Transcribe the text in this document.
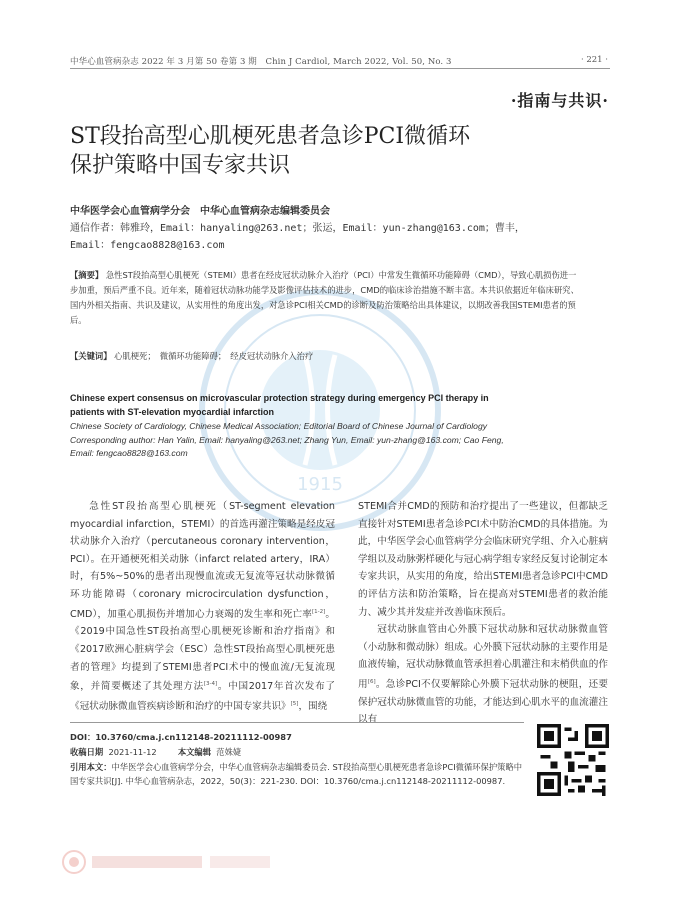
中华心血管病杂志 2022 年 3 月第 50 卷第 3 期　Chin J Cardiol, March 2022, Vol. 50, No. 3	· 221 ·
·指南与共识·
1915
ST段抬高型心肌梗死患者急诊PCI微循环
保护策略中国专家共识
中华医学会心血管病学分会　中华心血管病杂志编辑委员会
通信作者：韩雅玲，Email：hanyaling@263.net；张运，Email：yun-zhang@163.com；曹丰，
Email：fengcao8828@163.com
【摘要】 急性ST段抬高型心肌梗死（STEMI）患者在经皮冠状动脉介入治疗（PCI）中常发生微循环功能障碍（CMD），导致心肌损伤进一步加重，预后严重不良。近年来，随着冠状动脉功能学及影像评估技术的进步，CMD的临床诊治措施不断丰富。本共识依据近年临床研究、国内外相关指南、共识及建议，从实用性的角度出发，对急诊PCI相关CMD的诊断及防治策略给出具体建议，以期改善我国STEMI患者的预后。
【关键词】 心肌梗死；　微循环功能障碍；　经皮冠状动脉介入治疗
Chinese expert consensus on microvascular protection strategy during emergency PCI therapy in patients with ST-elevation myocardial infarction
Chinese Society of Cardiology, Chinese Medical Association; Editorial Board of Chinese Journal of Cardiology
Corresponding author: Han Yalin, Email: hanyaling@263.net; Zhang Yun, Email: yun-zhang@163.com; Cao Feng, Email: fengcao8828@163.com

急性ST段抬高型心肌梗死（ST-segment elevation myocardial infarction，STEMI）的首选再灌注策略是经皮冠状动脉介入治疗（percutaneous coronary intervention，PCI）。在开通梗死相关动脉（infarct related artery，IRA）时，有5%~50%的患者出现慢血流或无复流等冠状动脉微循环功能障碍（coronary microcirculation dysfunction，CMD），加重心肌损伤并增加心力衰竭的发生率和死亡率[1-2]。《2019中国急性ST段抬高型心肌梗死诊断和治疗指南》和《2017欧洲心脏病学会（ESC）急性ST段抬高型心肌梗死患者的管理》均提到了STEMI患者PCI术中的慢血流/无复流现象，并简要概述了其处理方法[3-4]。中国2017年首次发布了《冠状动脉微血管疾病诊断和治疗的中国专家共识》[5]，围绕

STEMI合并CMD的预防和治疗提出了一些建议，但都缺乏直接针对STEMI患者急诊PCI术中防治CMD的具体措施。为此，中华医学会心血管病学分会临床研究学组、介入心脏病学组以及动脉粥样硬化与冠心病学组专家经反复讨论制定本专家共识，从实用的角度，给出STEMI患者急诊PCI中CMD的评估方法和防治策略，旨在提高对STEMI患者的救治能力、减少其并发症并改善临床预后。

冠状动脉血管由心外膜下冠状动脉和冠状动脉微血管（小动脉和微动脉）组成。心外膜下冠状动脉的主要作用是血液传输，冠状动脉微血管承担着心肌灌注和末梢供血的作用[6]。急诊PCI不仅要解除心外膜下冠状动脉的梗阻，还要保护冠状动脉微血管的功能，才能达到心肌水平的血流灌注以有

DOI：10.3760/cma.j.cn112148-20211112-00987
收稿日期 2021-11-12	本文编辑 范姝婕
引用本文：中华医学会心血管病学分会，中华心血管病杂志编辑委员会. ST段抬高型心肌梗死患者急诊PCI微循环保护策略中国专家共识[J]. 中华心血管病杂志，2022，50(3)：221-230. DOI：10.3760/cma.j.cn112148-20211112-00987.
